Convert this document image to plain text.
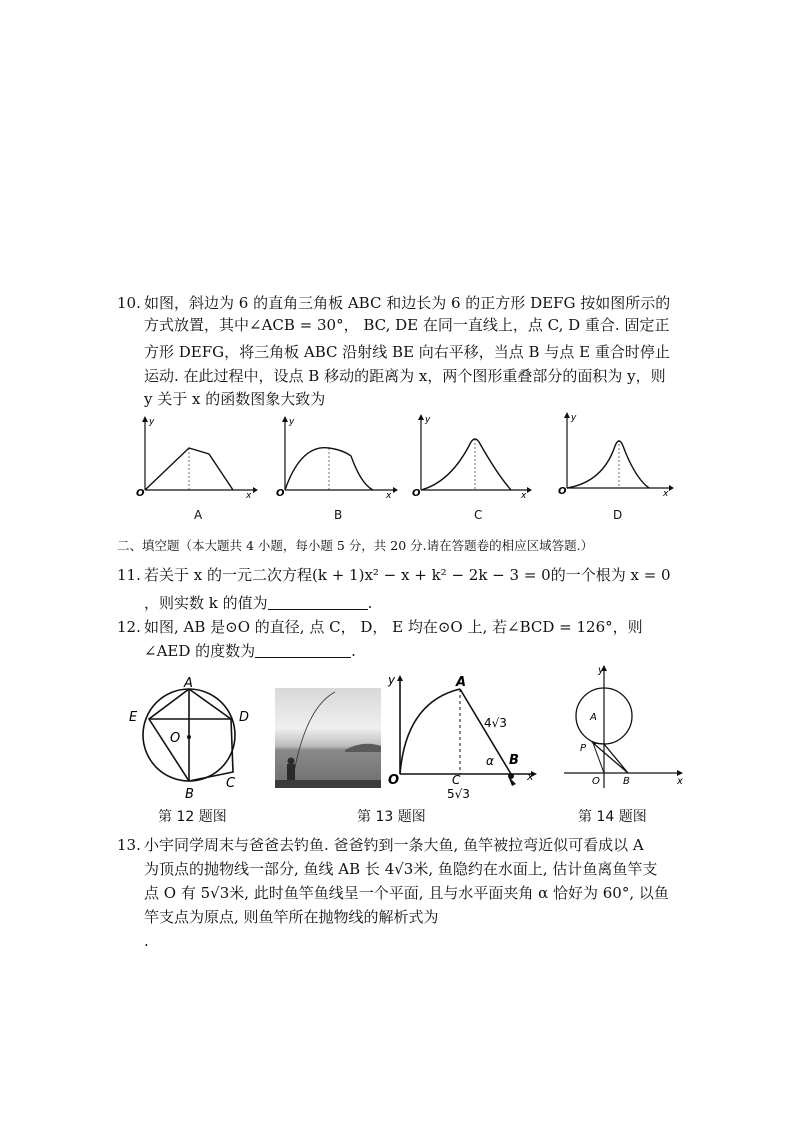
10. 如图，斜边为 6 的直角三角板 ABC 和边长为 6 的正方形 DEFG 按如图所示的
方式放置，其中∠ACB = 30°， BC, DE 在同一直线上，点 C, D 重合. 固定正
方形 DEFG，将三角板 ABC 沿射线 BE 向右平移，当点 B 与点 E 重合时停止
运动. 在此过程中，设点 B 移动的距离为 x，两个图形重叠部分的面积为 y，则
y 关于 x 的函数图象大致为
y
O	x
y
O	x
y
O	x
y
O	x
A	B	C	D
二、填空题（本大题共 4 小题，每小题 5 分，共 20 分.请在答题卷的相应区域答题.）
11. 若关于 x 的一元二次方程(k + 1)x² − x + k² − 2k − 3 = 0的一个根为 x = 0
，则实数 k 的值为	.
12. 如图, AB 是⊙O 的直径, 点 C， D， E 均在⊙O 上, 若∠BCD = 126°，则
∠AED 的度数为	.
A
E	D
O
B
C
y	A
4√3
α B
O	C	x
5√3
y
A
P
O B	x
第 12 题图	第 13 题图	第 14 题图
13. 小宇同学周末与爸爸去钓鱼. 爸爸钓到一条大鱼, 鱼竿被拉弯近似可看成以 A
为顶点的抛物线一部分, 鱼线 AB 长 4√3米, 鱼隐约在水面上, 估计鱼离鱼竿支
点 O 有 5√3米, 此时鱼竿鱼线呈一个平面, 且与水平面夹角 α 恰好为 60°, 以鱼
竿支点为原点, 则鱼竿所在抛物线的解析式为
.
